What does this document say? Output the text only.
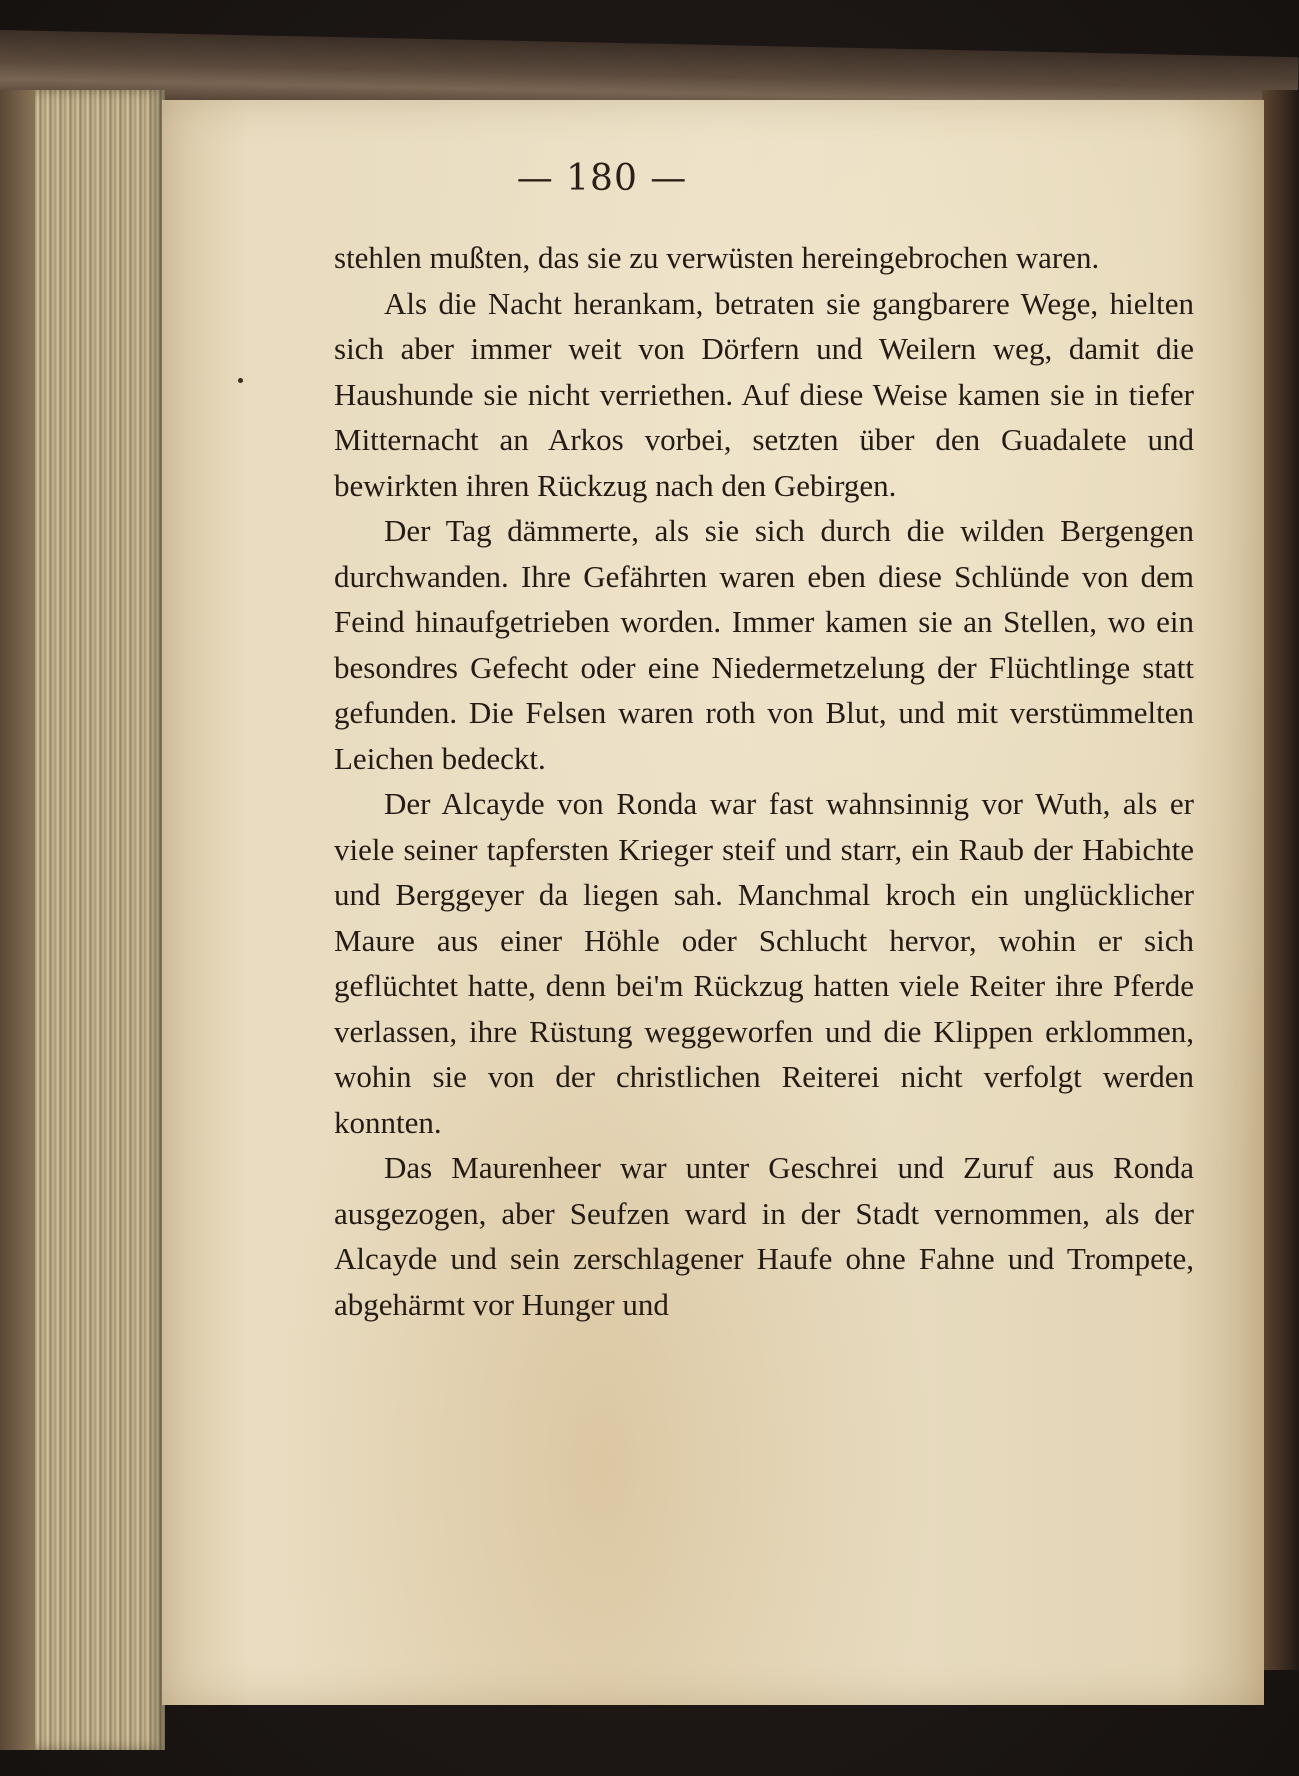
— 180 —

stehlen mußten, das sie zu verwüsten hereingebrochen waren.

Als die Nacht herankam, betraten sie gangbarere Wege, hielten sich aber immer weit von Dörfern und Weilern weg, damit die Haushunde sie nicht verriethen. Auf diese Weise kamen sie in tiefer Mitternacht an Arkos vorbei, setzten über den Guadalete und bewirkten ihren Rückzug nach den Gebirgen.

Der Tag dämmerte, als sie sich durch die wilden Bergengen durchwanden. Ihre Gefährten waren eben diese Schlünde von dem Feind hinaufgetrieben worden. Immer kamen sie an Stellen, wo ein besondres Gefecht oder eine Niedermetzelung der Flüchtlinge statt gefunden. Die Felsen waren roth von Blut, und mit verstümmelten Leichen bedeckt.

Der Alcayde von Ronda war fast wahnsinnig vor Wuth, als er viele seiner tapfersten Krieger steif und starr, ein Raub der Habichte und Berggeyer da liegen sah. Manchmal kroch ein unglücklicher Maure aus einer Höhle oder Schlucht hervor, wohin er sich geflüchtet hatte, denn bei'm Rückzug hatten viele Reiter ihre Pferde verlassen, ihre Rüstung weggeworfen und die Klippen erklommen, wohin sie von der christlichen Reiterei nicht verfolgt werden konnten.

Das Maurenheer war unter Geschrei und Zuruf aus Ronda ausgezogen, aber Seufzen ward in der Stadt vernommen, als der Alcayde und sein zerschlagener Haufe ohne Fahne und Trompete, abgehärmt vor Hunger und
